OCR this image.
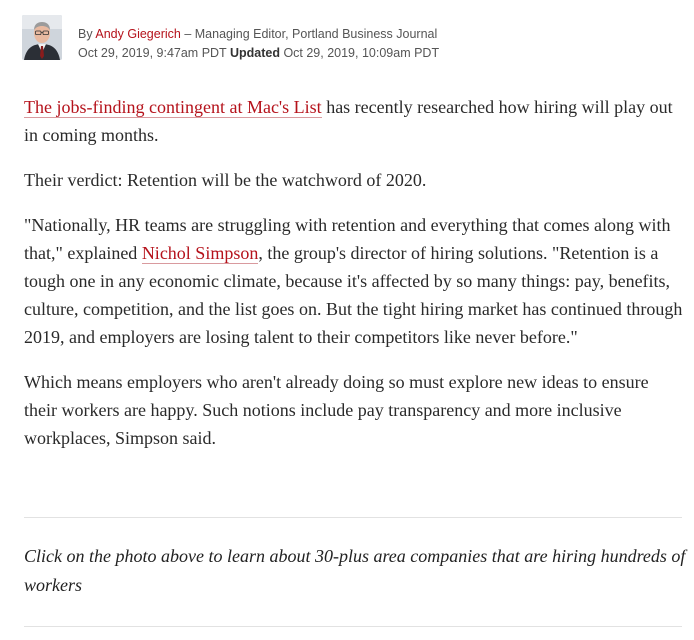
By Andy Giegerich – Managing Editor, Portland Business Journal
Oct 29, 2019, 9:47am PDT Updated Oct 29, 2019, 10:09am PDT

The jobs-finding contingent at Mac's List has recently researched how hiring will play out in coming months.

Their verdict: Retention will be the watchword of 2020.

"Nationally, HR teams are struggling with retention and everything that comes along with that," explained Nichol Simpson, the group's director of hiring solutions. "Retention is a tough one in any economic climate, because it's affected by so many things: pay, benefits, culture, competition, and the list goes on. But the tight hiring market has continued through 2019, and employers are losing talent to their competitors like never before."

Which means employers who aren't already doing so must explore new ideas to ensure their workers are happy. Such notions include pay transparency and more inclusive workplaces, Simpson said.

Click on the photo above to learn about 30-plus area companies that are hiring hundreds of workers
